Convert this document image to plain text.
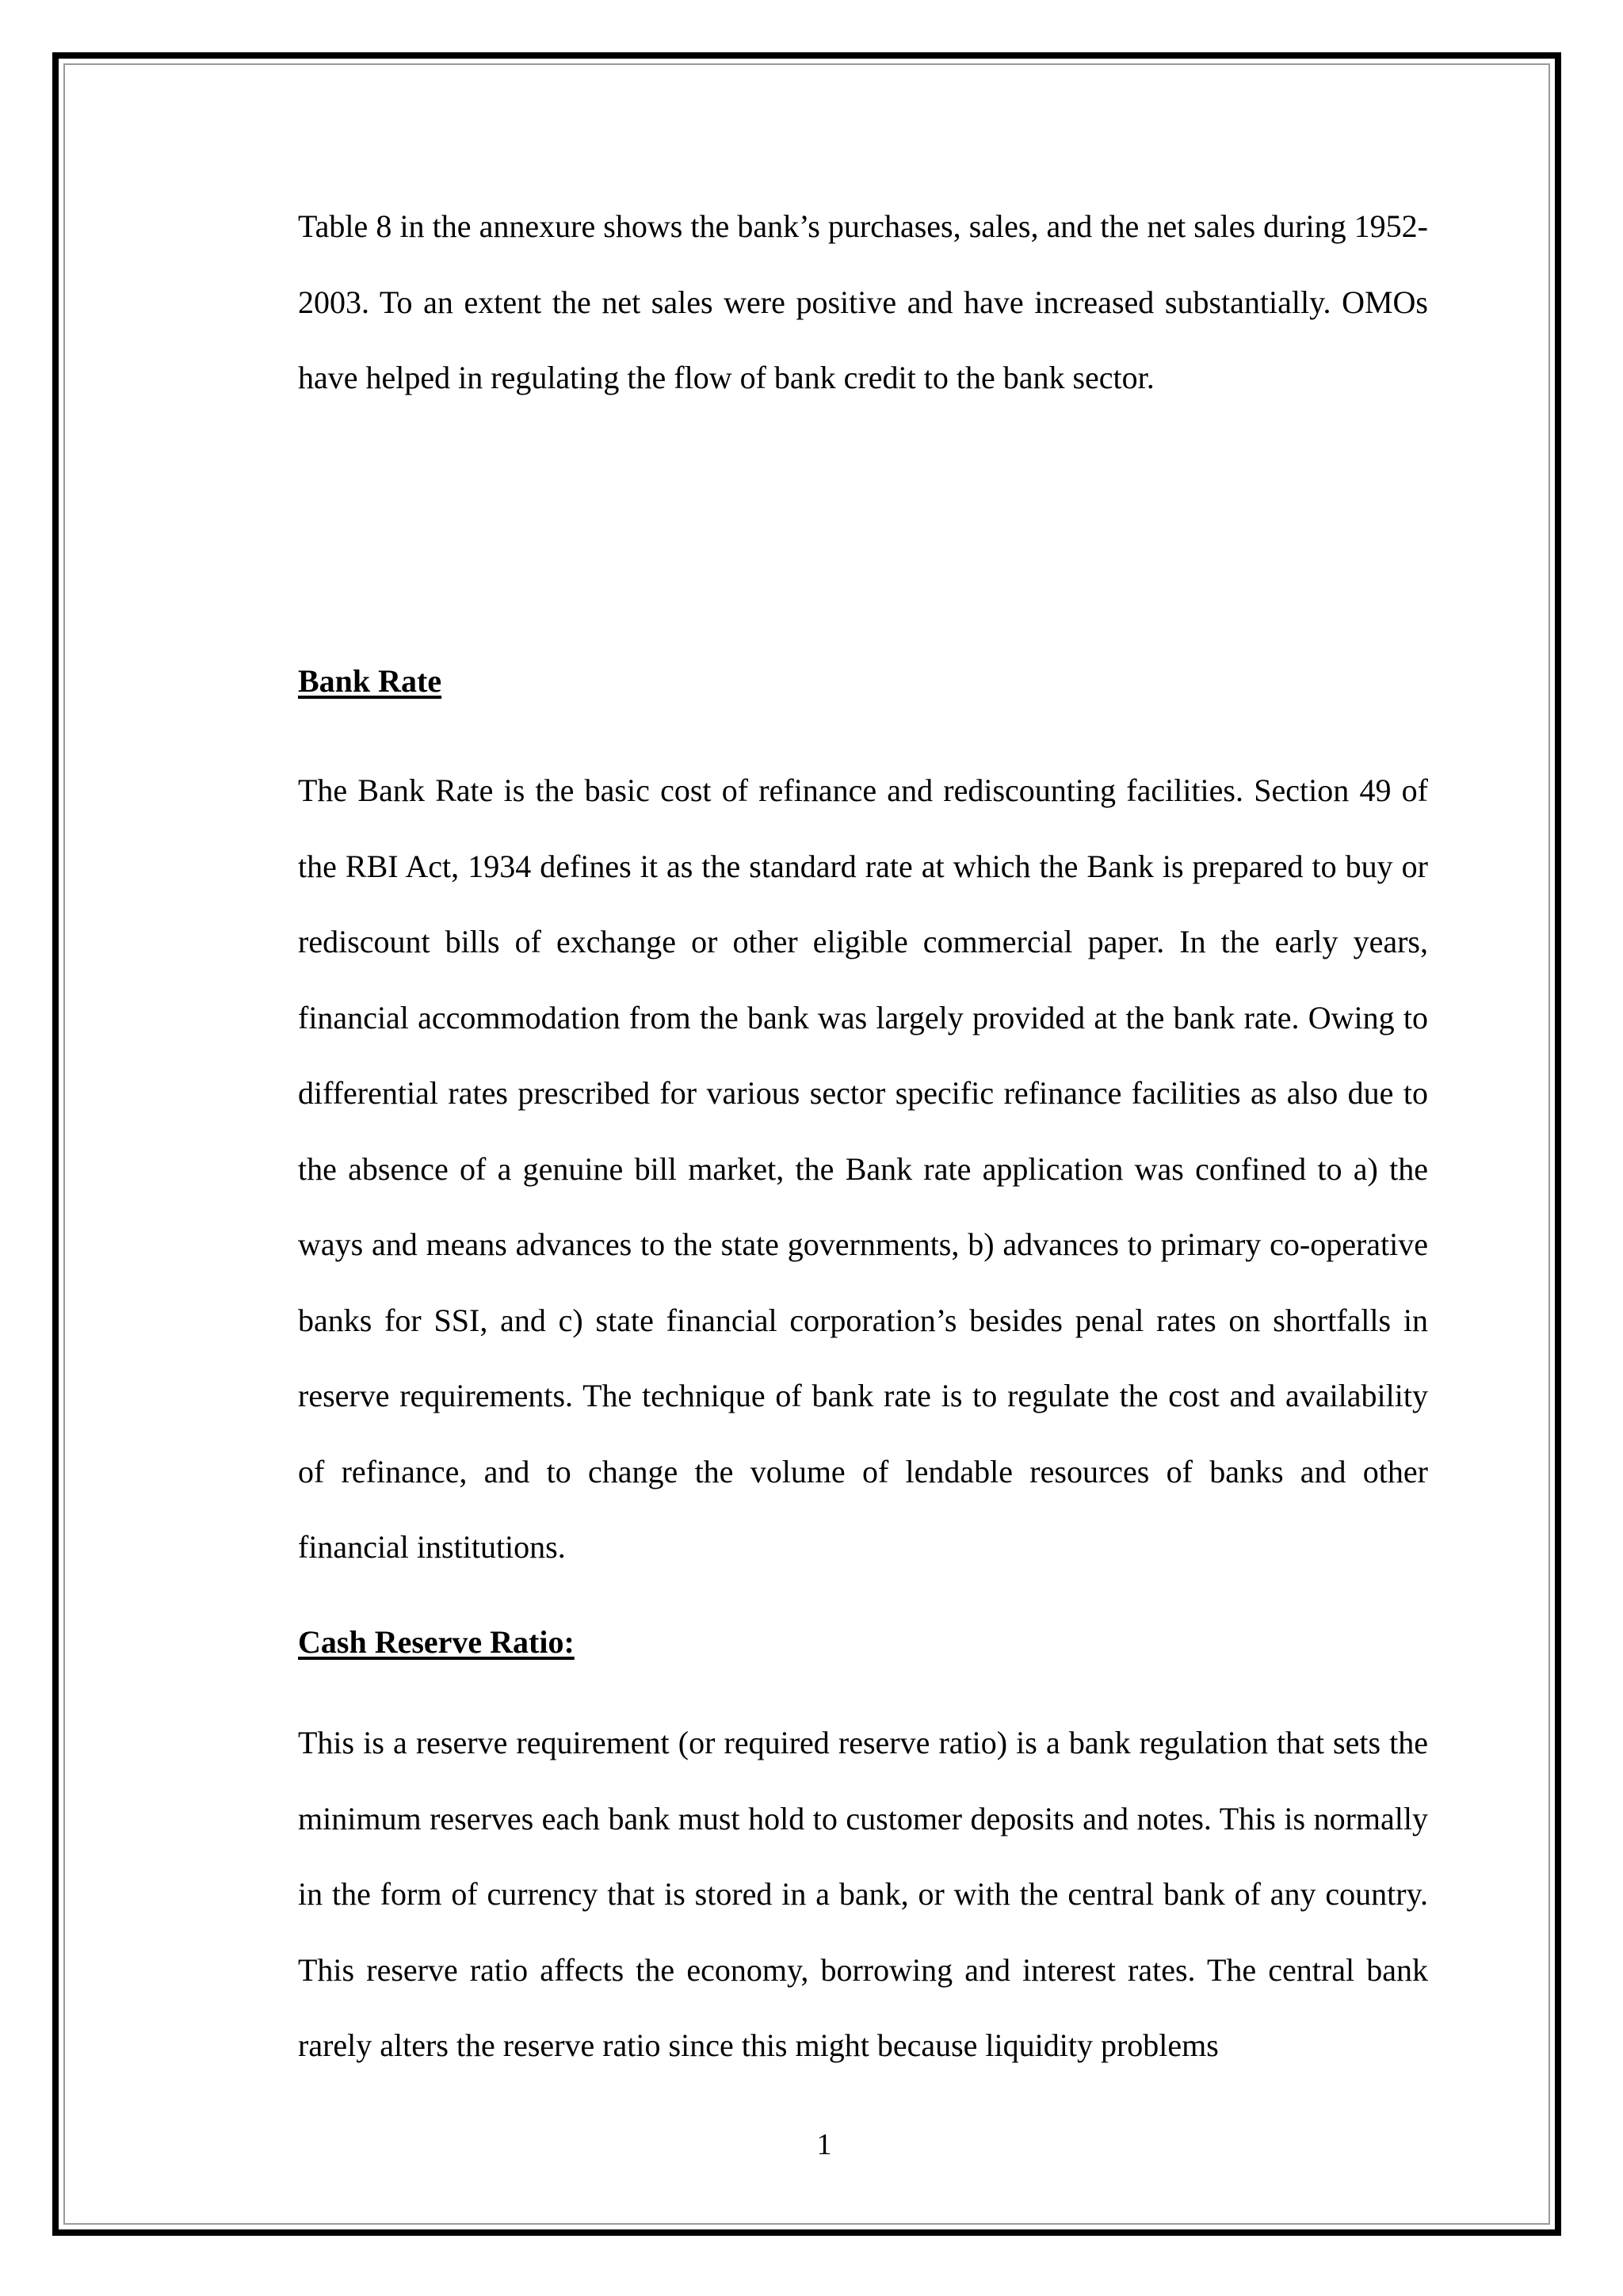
Table 8 in the annexure shows the bank’s purchases, sales, and the net sales during 1952-2003. To an extent the net sales were positive and have increased substantially. OMOs have helped in regulating the flow of bank credit to the bank sector.

Bank Rate

The Bank Rate is the basic cost of refinance and rediscounting facilities. Section 49 of the RBI Act, 1934 defines it as the standard rate at which the Bank is prepared to buy or rediscount bills of exchange or other eligible commercial paper. In the early years, financial accommodation from the bank was largely provided at the bank rate. Owing to differential rates prescribed for various sector specific refinance facilities as also due to the absence of a genuine bill market, the Bank rate application was confined to a) the ways and means advances to the state governments, b) advances to primary co-operative banks for SSI, and c) state financial corporation’s besides penal rates on shortfalls in reserve requirements. The technique of bank rate is to regulate the cost and availability of refinance, and to change the volume of lendable resources of banks and other financial institutions.

Cash Reserve Ratio:

This is a reserve requirement (or required reserve ratio) is a bank regulation that sets the minimum reserves each bank must hold to customer deposits and notes. This is normally in the form of currency that is stored in a bank, or with the central bank of any country. This reserve ratio affects the economy, borrowing and interest rates. The central bank rarely alters the reserve ratio since this might because liquidity problems

1
